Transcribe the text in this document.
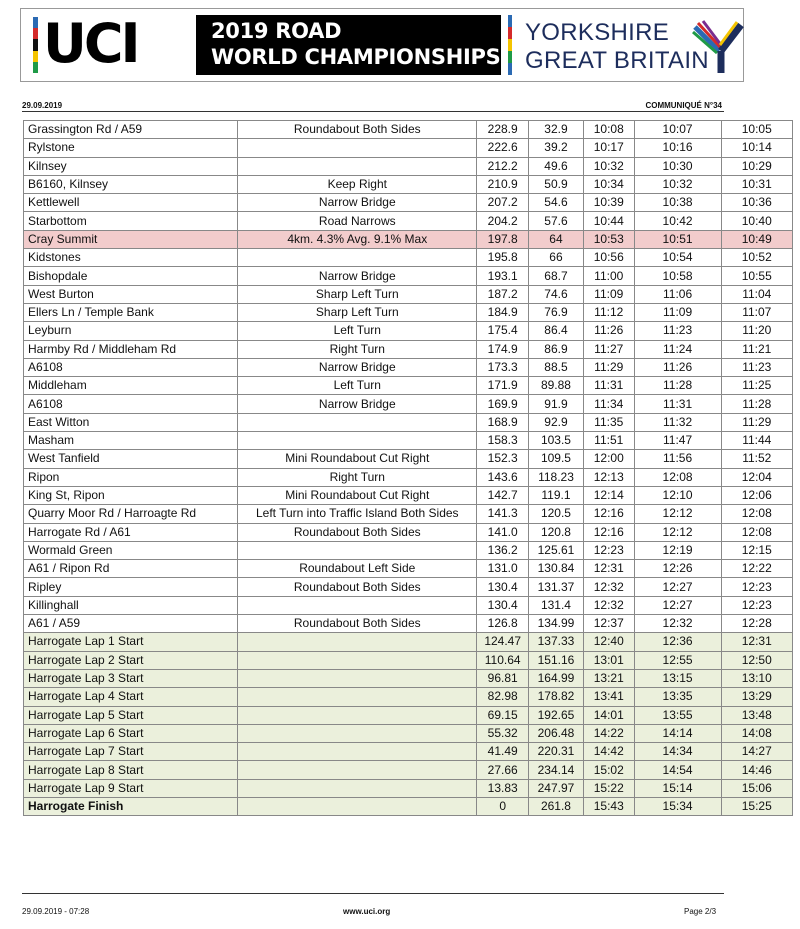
UCI	2019 ROAD
WORLD CHAMPIONSHIPS
YORKSHIRE
GREAT BRITAIN
29.09.2019	COMMUNIQUÉ N°34
Grassington Rd / A59	Roundabout Both Sides	228.9	32.9	10:08	10:07	10:05
Rylstone		222.6	39.2	10:17	10:16	10:14
Kilnsey		212.2	49.6	10:32	10:30	10:29
B6160, Kilnsey	Keep Right	210.9	50.9	10:34	10:32	10:31
Kettlewell	Narrow Bridge	207.2	54.6	10:39	10:38	10:36
Starbottom	Road Narrows	204.2	57.6	10:44	10:42	10:40
Cray Summit	4km. 4.3% Avg. 9.1% Max	197.8	64	10:53	10:51	10:49
Kidstones		195.8	66	10:56	10:54	10:52
Bishopdale	Narrow Bridge	193.1	68.7	11:00	10:58	10:55
West Burton	Sharp Left Turn	187.2	74.6	11:09	11:06	11:04
Ellers Ln / Temple Bank	Sharp Left Turn	184.9	76.9	11:12	11:09	11:07
Leyburn	Left Turn	175.4	86.4	11:26	11:23	11:20
Harmby Rd / Middleham Rd	Right Turn	174.9	86.9	11:27	11:24	11:21
A6108	Narrow Bridge	173.3	88.5	11:29	11:26	11:23
Middleham	Left Turn	171.9	89.88	11:31	11:28	11:25
A6108	Narrow Bridge	169.9	91.9	11:34	11:31	11:28
East Witton		168.9	92.9	11:35	11:32	11:29
Masham		158.3	103.5	11:51	11:47	11:44
West Tanfield	Mini Roundabout Cut Right	152.3	109.5	12:00	11:56	11:52
Ripon	Right Turn	143.6	118.23	12:13	12:08	12:04
King St, Ripon	Mini Roundabout Cut Right	142.7	119.1	12:14	12:10	12:06
Quarry Moor Rd / Harroagte Rd	Left Turn into Traffic Island Both Sides	141.3	120.5	12:16	12:12	12:08
Harrogate Rd / A61	Roundabout Both Sides	141.0	120.8	12:16	12:12	12:08
Wormald Green		136.2	125.61	12:23	12:19	12:15
A61 / Ripon Rd	Roundabout Left Side	131.0	130.84	12:31	12:26	12:22
Ripley	Roundabout Both Sides	130.4	131.37	12:32	12:27	12:23
Killinghall		130.4	131.4	12:32	12:27	12:23
A61 / A59	Roundabout Both Sides	126.8	134.99	12:37	12:32	12:28
Harrogate Lap 1 Start		124.47	137.33	12:40	12:36	12:31
Harrogate Lap 2 Start		110.64	151.16	13:01	12:55	12:50
Harrogate Lap 3 Start		96.81	164.99	13:21	13:15	13:10
Harrogate Lap 4 Start		82.98	178.82	13:41	13:35	13:29
Harrogate Lap 5 Start		69.15	192.65	14:01	13:55	13:48
Harrogate Lap 6 Start		55.32	206.48	14:22	14:14	14:08
Harrogate Lap 7 Start		41.49	220.31	14:42	14:34	14:27
Harrogate Lap 8 Start		27.66	234.14	15:02	14:54	14:46
Harrogate Lap 9 Start		13.83	247.97	15:22	15:14	15:06
Harrogate Finish		0	261.8	15:43	15:34	15:25
29.09.2019 - 07:28	www.uci.org	Page 2/3
